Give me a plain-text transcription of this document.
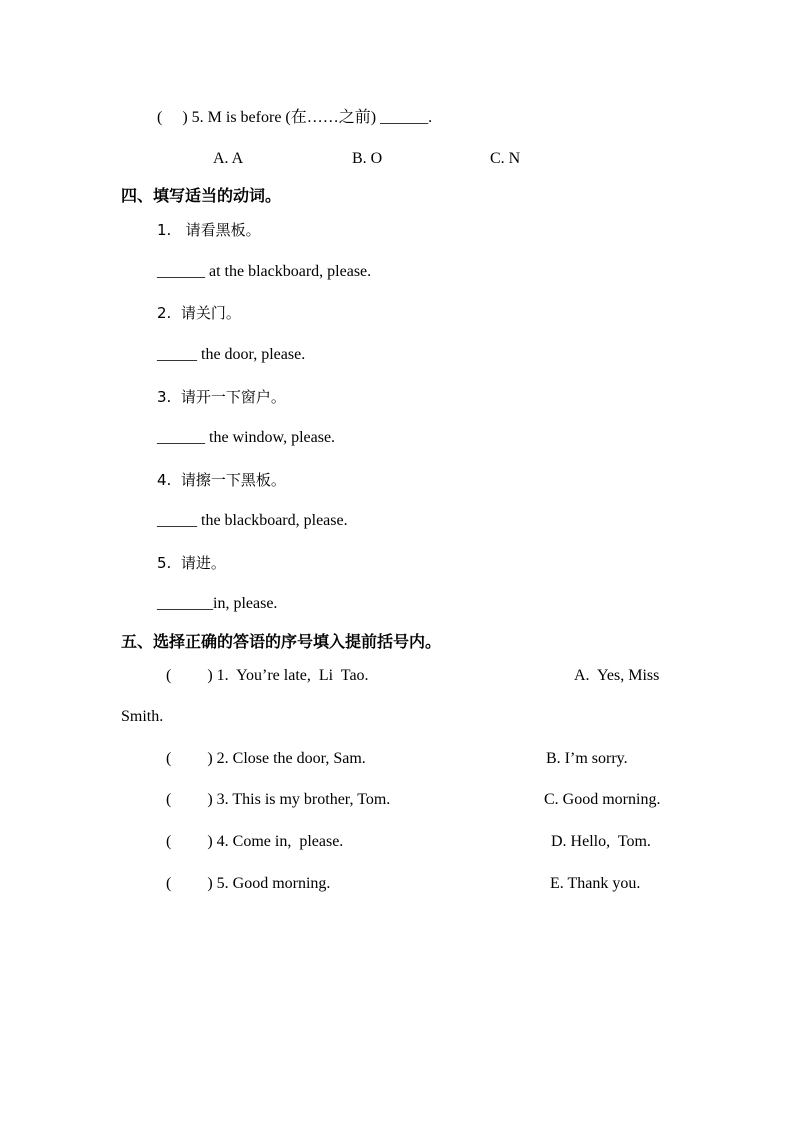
(     ) 5. M is before (在……之前) ______.
A. A	B. O	C. N
四、填写适当的动词。
1.   请看黑板。
______ at the blackboard, please.
2.  请关门。
_____ the door, please.
3.  请开一下窗户。
______ the window, please.
4.  请擦一下黑板。
_____ the blackboard, please.
5.  请进。
_______in, please.
五、选择正确的答语的序号填入提前括号内。
(         ) 1.  You’re late,  Li  Tao.	A.  Yes, Miss
Smith.
(         ) 2. Close the door, Sam.	B. I’m sorry.
(         ) 3. This is my brother, Tom.	C. Good morning.
(         ) 4. Come in,  please.	D. Hello,  Tom.
(         ) 5. Good morning.	E. Thank you.
